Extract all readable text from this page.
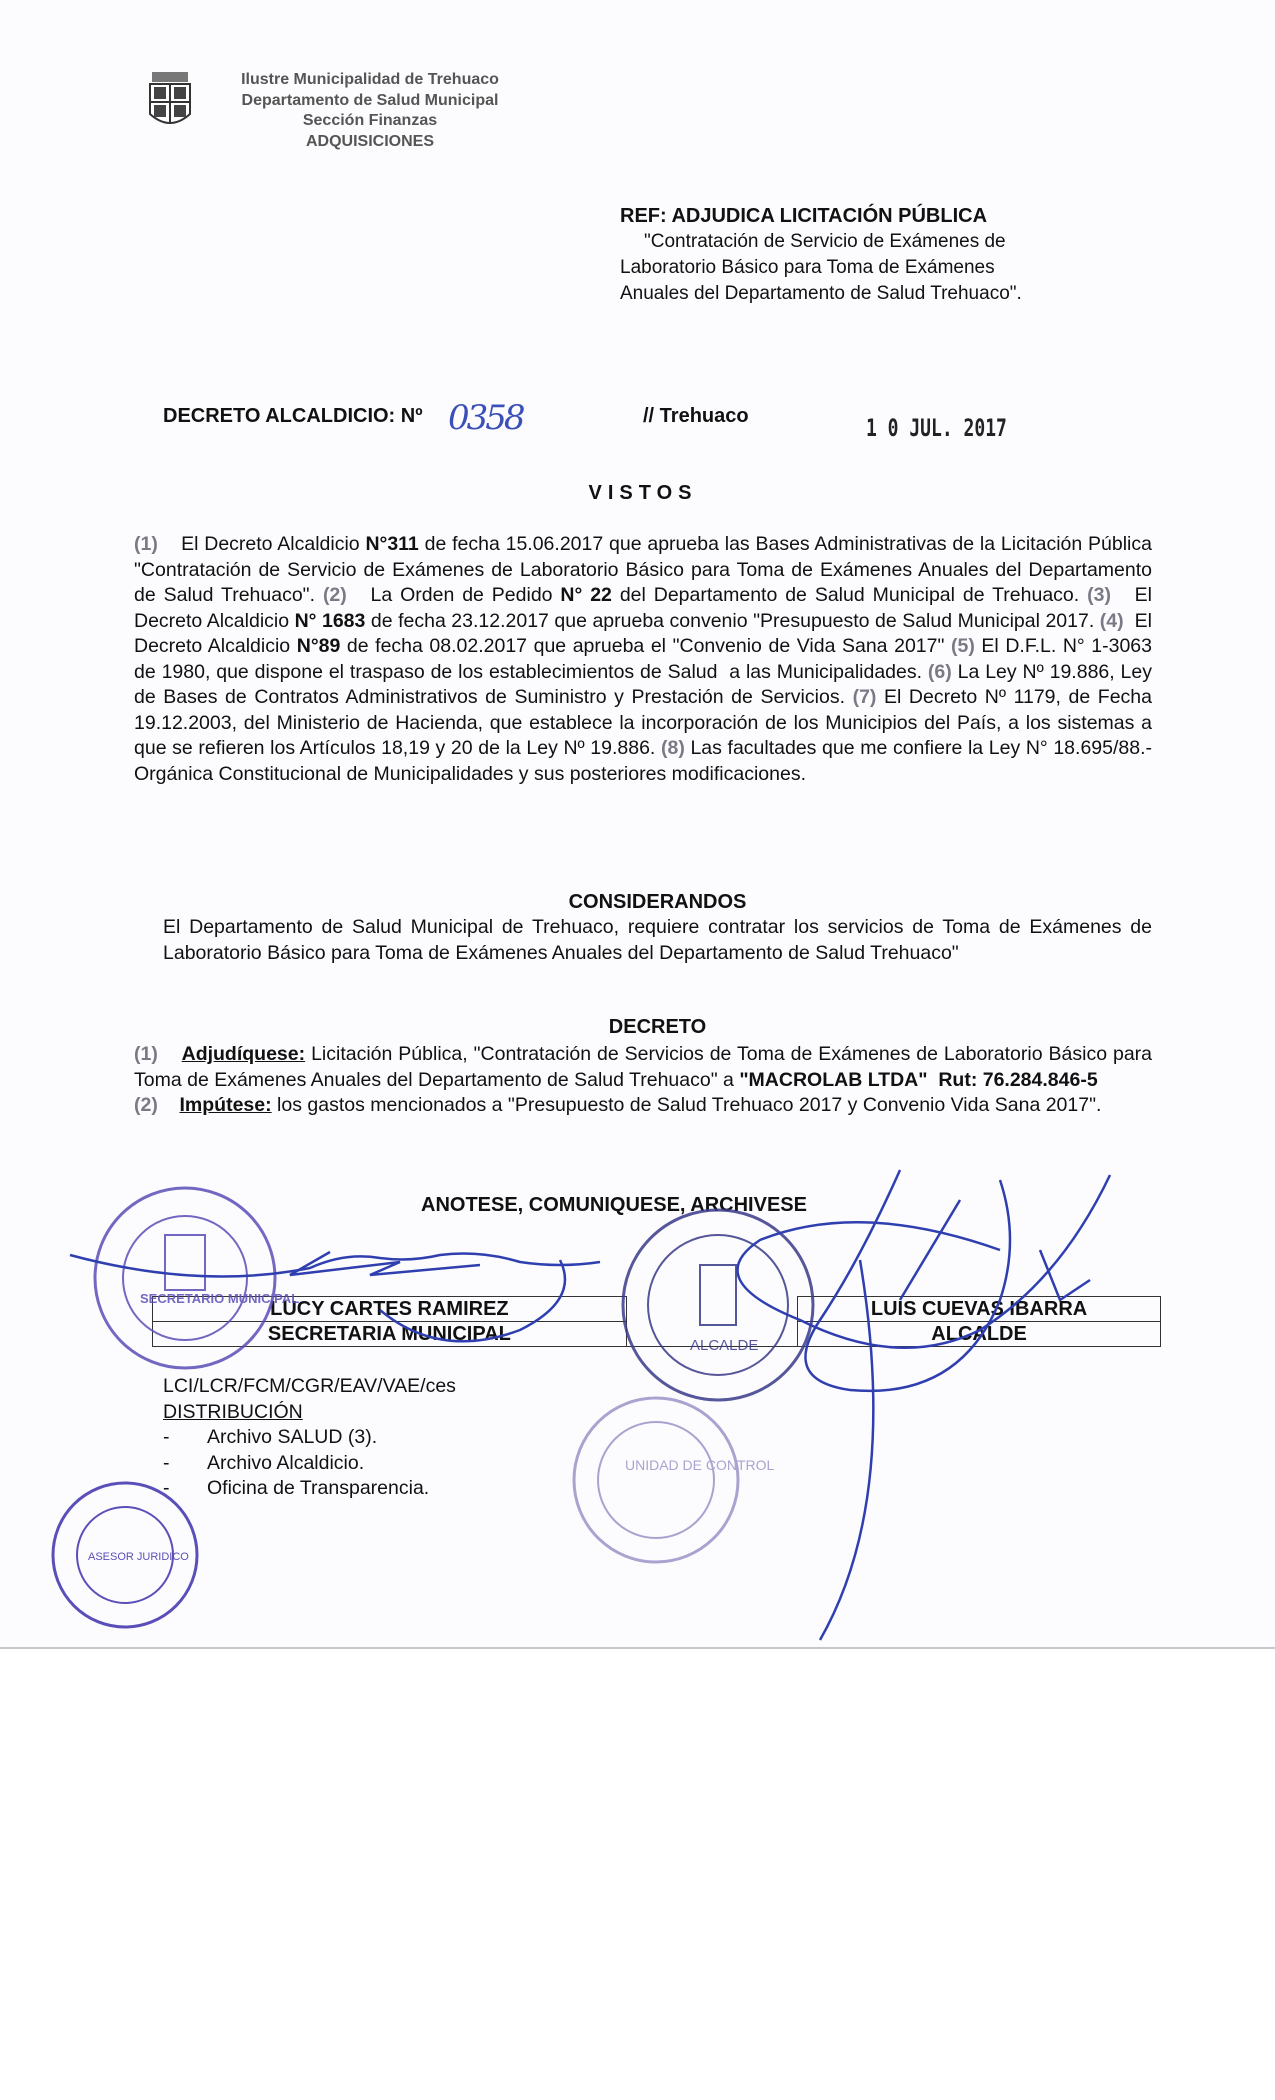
Ilustre Municipalidad de Trehuaco
Departamento de Salud Municipal
Sección Finanzas
ADQUISICIONES
REF: ADJUDICA LICITACIÓN PÚBLICA
"Contratación de Servicio de Exámenes de
Laboratorio Básico para Toma de Exámenes
Anuales del Departamento de Salud Trehuaco".
DECRETO ALCALDICIO: Nº 0358	// Trehuaco	1 0 JUL. 2017
VISTOS
(1)    El Decreto Alcaldicio N°311 de fecha 15.06.2017 que aprueba las Bases Administrativas de la Licitación Pública  "Contratación de Servicio de Exámenes de Laboratorio Básico para Toma de Exámenes Anuales del Departamento de Salud Trehuaco". (2)   La Orden de Pedido N° 22 del Departamento de Salud Municipal de Trehuaco. (3)   El Decreto Alcaldicio N° 1683 de fecha 23.12.2017 que aprueba convenio "Presupuesto de Salud Municipal 2017. (4)  El Decreto Alcaldicio N°89 de fecha 08.02.2017 que aprueba el "Convenio de Vida Sana 2017" (5) El D.F.L. N° 1-3063 de 1980, que dispone el traspaso de los establecimientos de Salud  a las Municipalidades. (6) La Ley Nº 19.886, Ley de Bases de Contratos Administrativos de Suministro y Prestación de Servicios. (7) El Decreto Nº 1179, de Fecha 19.12.2003, del Ministerio de Hacienda, que establece la incorporación de los Municipios del País, a los sistemas a que se refieren los Artículos 18,19 y 20 de la Ley Nº 19.886. (8) Las facultades que me confiere la Ley N° 18.695/88.-  Orgánica Constitucional de Municipalidades y sus posteriores modificaciones.
CONSIDERANDOS
El Departamento de Salud Municipal de Trehuaco, requiere contratar los servicios de Toma de Exámenes de Laboratorio Básico para Toma de Exámenes Anuales del Departamento de Salud Trehuaco"
DECRETO
(1) Adjudíquese: Licitación Pública, "Contratación de Servicios de Toma de Exámenes de Laboratorio Básico para Toma de Exámenes Anuales del Departamento de Salud Trehuaco" a "MACROLAB LTDA"  Rut: 76.284.846-5
(2) Impútese: los gastos mencionados a "Presupuesto de Salud Trehuaco 2017 y Convenio Vida Sana 2017".
ANOTESE, COMUNIQUESE, ARCHIVESE
LUCY CARTES RAMIREZ		LUIS CUEVAS IBARRA
SECRETARIA MUNICIPAL		ALCALDE
LCI/LCR/FCM/CGR/EAV/VAE/ces
DISTRIBUCIÓN
- Archivo SALUD (3).
- Archivo Alcaldicio.
- Oficina de Transparencia.
SECRETARIO MUNICIPAL
ALCALDE
UNIDAD DE CONTROL
ASESOR JURIDICO
